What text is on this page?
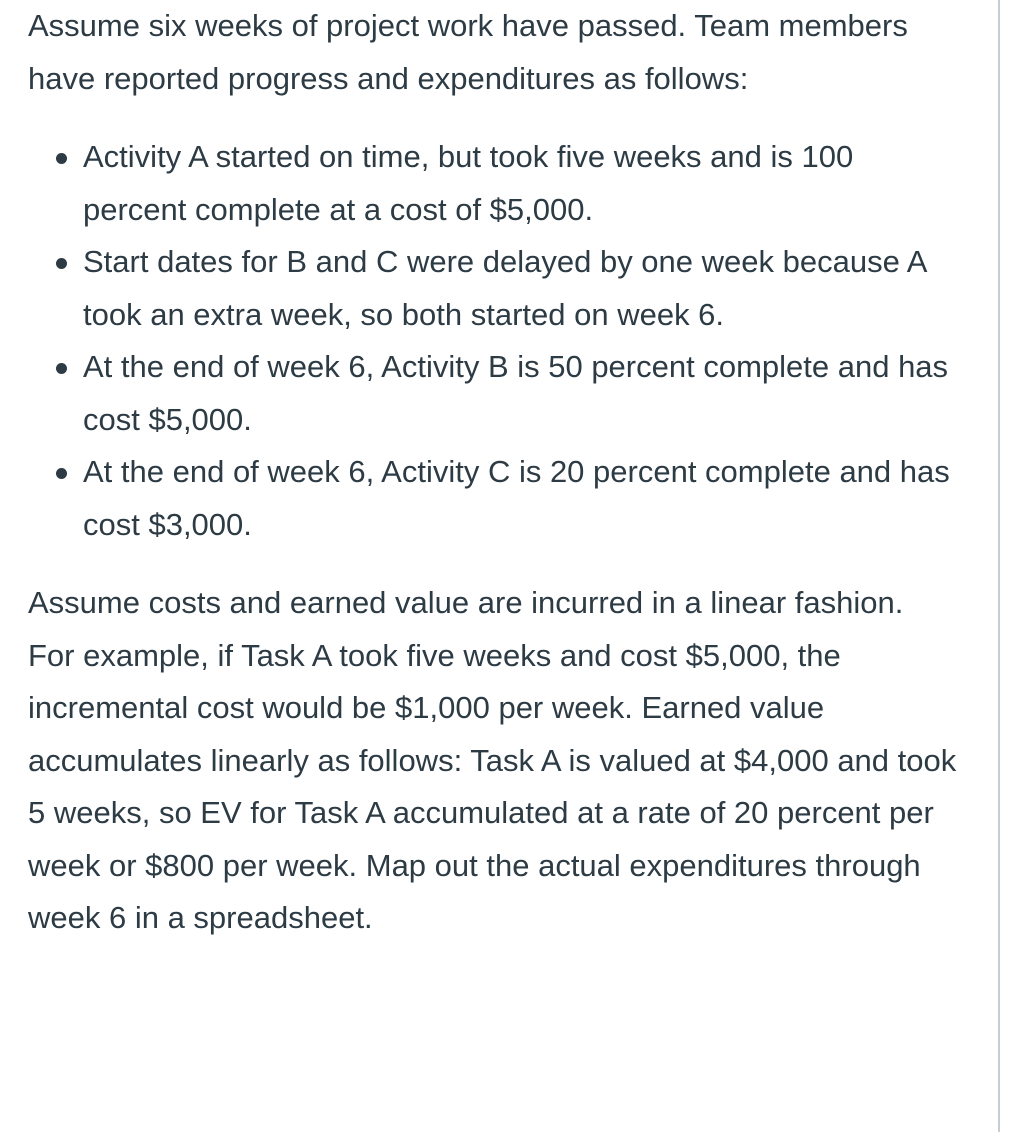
Assume six weeks of project work have passed. Team members have reported progress and expenditures as follows:

Activity A started on time, but took five weeks and is 100 percent complete at a cost of $5,000.
Start dates for B and C were delayed by one week because A took an extra week, so both started on week 6.
At the end of week 6, Activity B is 50 percent complete and has cost $5,000.
At the end of week 6, Activity C is 20 percent complete and has cost $3,000.

Assume costs and earned value are incurred in a linear fashion. For example, if Task A took five weeks and cost $5,000, the incremental cost would be $1,000 per week. Earned value accumulates linearly as follows: Task A is valued at $4,000 and took 5 weeks, so EV for Task A accumulated at a rate of 20 percent per week or $800 per week. Map out the actual expenditures through week 6 in a spreadsheet.
